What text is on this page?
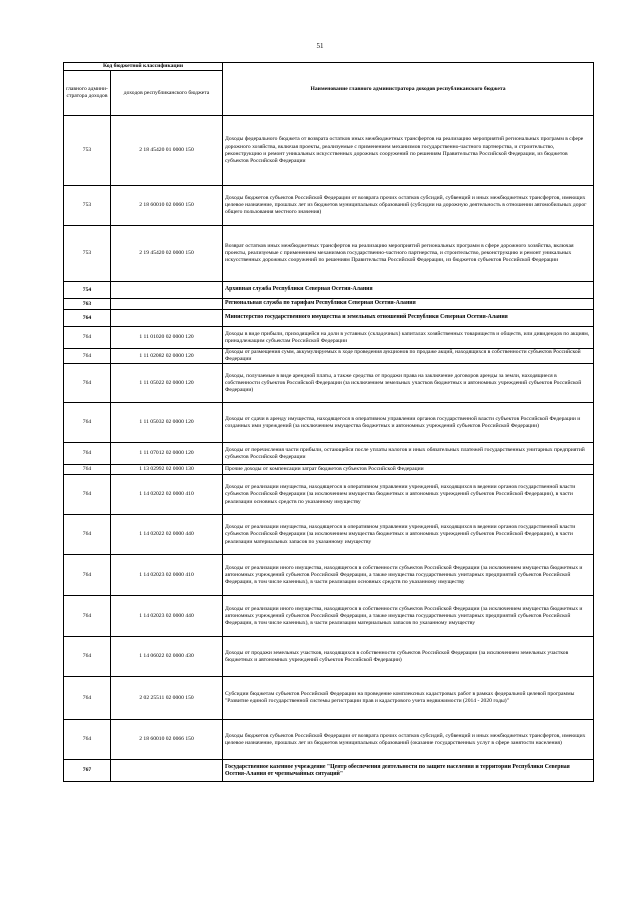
51
Код бюджетной классификации		Наименование главного администратора доходов республиканского бюджета
главного админи-стратора доходов	доходов республиканского бюджета	
753	2 18 45420 01 0000 150	Доходы федерального бюджета от возврата остатков иных межбюджетных трансфертов на реализацию мероприятий региональных программ в сфере дорожного хозяйства, включая проекты, реализуемые с применением механизмов государственно-частного партнерства, и строительство, реконструкцию и ремонт уникальных искусственных дорожных сооружений по решениям Правительства Российской Федерации, из бюджетов субъектов Российской Федерации
753	2 18 60010 02 0060 150	Доходы бюджетов субъектов Российской Федерации от возврата прочих остатков субсидий, субвенций и иных межбюджетных трансфертов, имеющих целевое назначение, прошлых лет из бюджетов муниципальных образований (субсидии на дорожную деятельность в отношении автомобильных дорог общего пользования местного значения)
753	2 19 45420 02 0000 150	Возврат остатков иных межбюджетных трансфертов на реализацию мероприятий региональных программ в сфере дорожного хозяйства, включая проекты, реализуемые с применением механизмов государственно-частного партнерства, и строительство, реконструкцию и ремонт уникальных искусственных дорожных сооружений по решениям Правительства Российской Федерации, из бюджетов субъектов Российской Федерации
754		Архивная служба Республики Северная Осетия-Алания
763		Региональная служба по тарифам Республики Северная Осетия-Алания
764		Министерство государственного имущества и земельных отношений Республики Северная Осетия-Алания
764	1 11 01020 02 0000 120	Доходы в виде прибыли, приходящейся на доли в уставных (складочных) капиталах хозяйственных товариществ и обществ, или дивидендов по акциям, принадлежащим субъектам Российской Федерации
764	1 11 02082 02 0000 120	Доходы от размещения сумм, аккумулируемых в ходе проведения аукционов по продаже акций, находящихся в собственности субъектов Российской Федерации
764	1 11 05022 02 0000 120	Доходы, получаемые в виде арендной платы, а также средства от продажи права на заключение договоров аренды за земли, находящиеся в собственности субъектов Российской Федерации (за исключением земельных участков бюджетных и автономных учреждений субъектов Российской Федерации)
764	1 11 05032 02 0000 120	Доходы от сдачи в аренду имущества, находящегося в оперативном управлении органов государственной власти субъектов Российской Федерации и созданных ими учреждений (за исключением имущества бюджетных и автономных учреждений субъектов Российской Федерации)
764	1 11 07012 02 0000 120	Доходы от перечисления части прибыли, остающейся после уплаты налогов и иных обязательных платежей государственных унитарных предприятий субъектов Российской Федерации
764	1 13 02992 02 0000 130	Прочие доходы от компенсации затрат бюджетов субъектов Российской Федерации
764	1 14 02022 02 0000 410	Доходы от реализации имущества, находящегося в оперативном управлении учреждений, находящихся в ведении органов государственной власти субъектов Российской Федерации (за исключением имущества бюджетных и автономных учреждений субъектов Российской Федерации), в части реализации основных средств по указанному имуществу
764	1 14 02022 02 0000 440	Доходы от реализации имущества, находящегося в оперативном управлении учреждений, находящихся в ведении органов государственной власти субъектов Российской Федерации (за исключением имущества бюджетных и автономных учреждений субъектов Российской Федерации), в части реализации материальных запасов по указанному имуществу
764	1 14 02023 02 0000 410	Доходы от реализации иного имущества, находящегося в собственности субъектов Российской Федерации (за исключением имущества бюджетных и автономных учреждений субъектов Российской Федерации, а также имущества государственных унитарных предприятий субъектов Российской Федерации, в том числе казенных), в части реализации основных средств по указанному имуществу
764	1 14 02023 02 0000 440	Доходы от реализации иного имущества, находящегося в собственности субъектов Российской Федерации (за исключением имущества бюджетных и автономных учреждений субъектов Российской Федерации, а также имущества государственных унитарных предприятий субъектов Российской Федерации, в том числе казенных), в части реализации материальных запасов по указанному имуществу
764	1 14 06022 02 0000 430	Доходы от продажи земельных участков, находящихся в собственности субъектов Российской Федерации (за исключением земельных участков бюджетных и автономных учреждений субъектов Российской Федерации)
764	2 02 25511 02 0000 150	Субсидии бюджетам субъектов Российской Федерации на проведение комплексных кадастровых работ в рамках федеральной целевой программы "Развитие единой государственной системы регистрации прав и кадастрового учета недвижимости (2014 - 2020 годы)"
764	2 18 60010 02 0066 150	Доходы бюджетов субъектов Российской Федерации от возврата прочих остатков субсидий, субвенций и иных межбюджетных трансфертов, имеющих целевое назначение, прошлых лет из бюджетов муниципальных образований (оказание государственных услуг в сфере занятости населения)
767		Государственное казенное учреждение "Центр обеспечения деятельности по защите населения и территории Республики Северная Осетия-Алания от чрезвычайных ситуаций"
